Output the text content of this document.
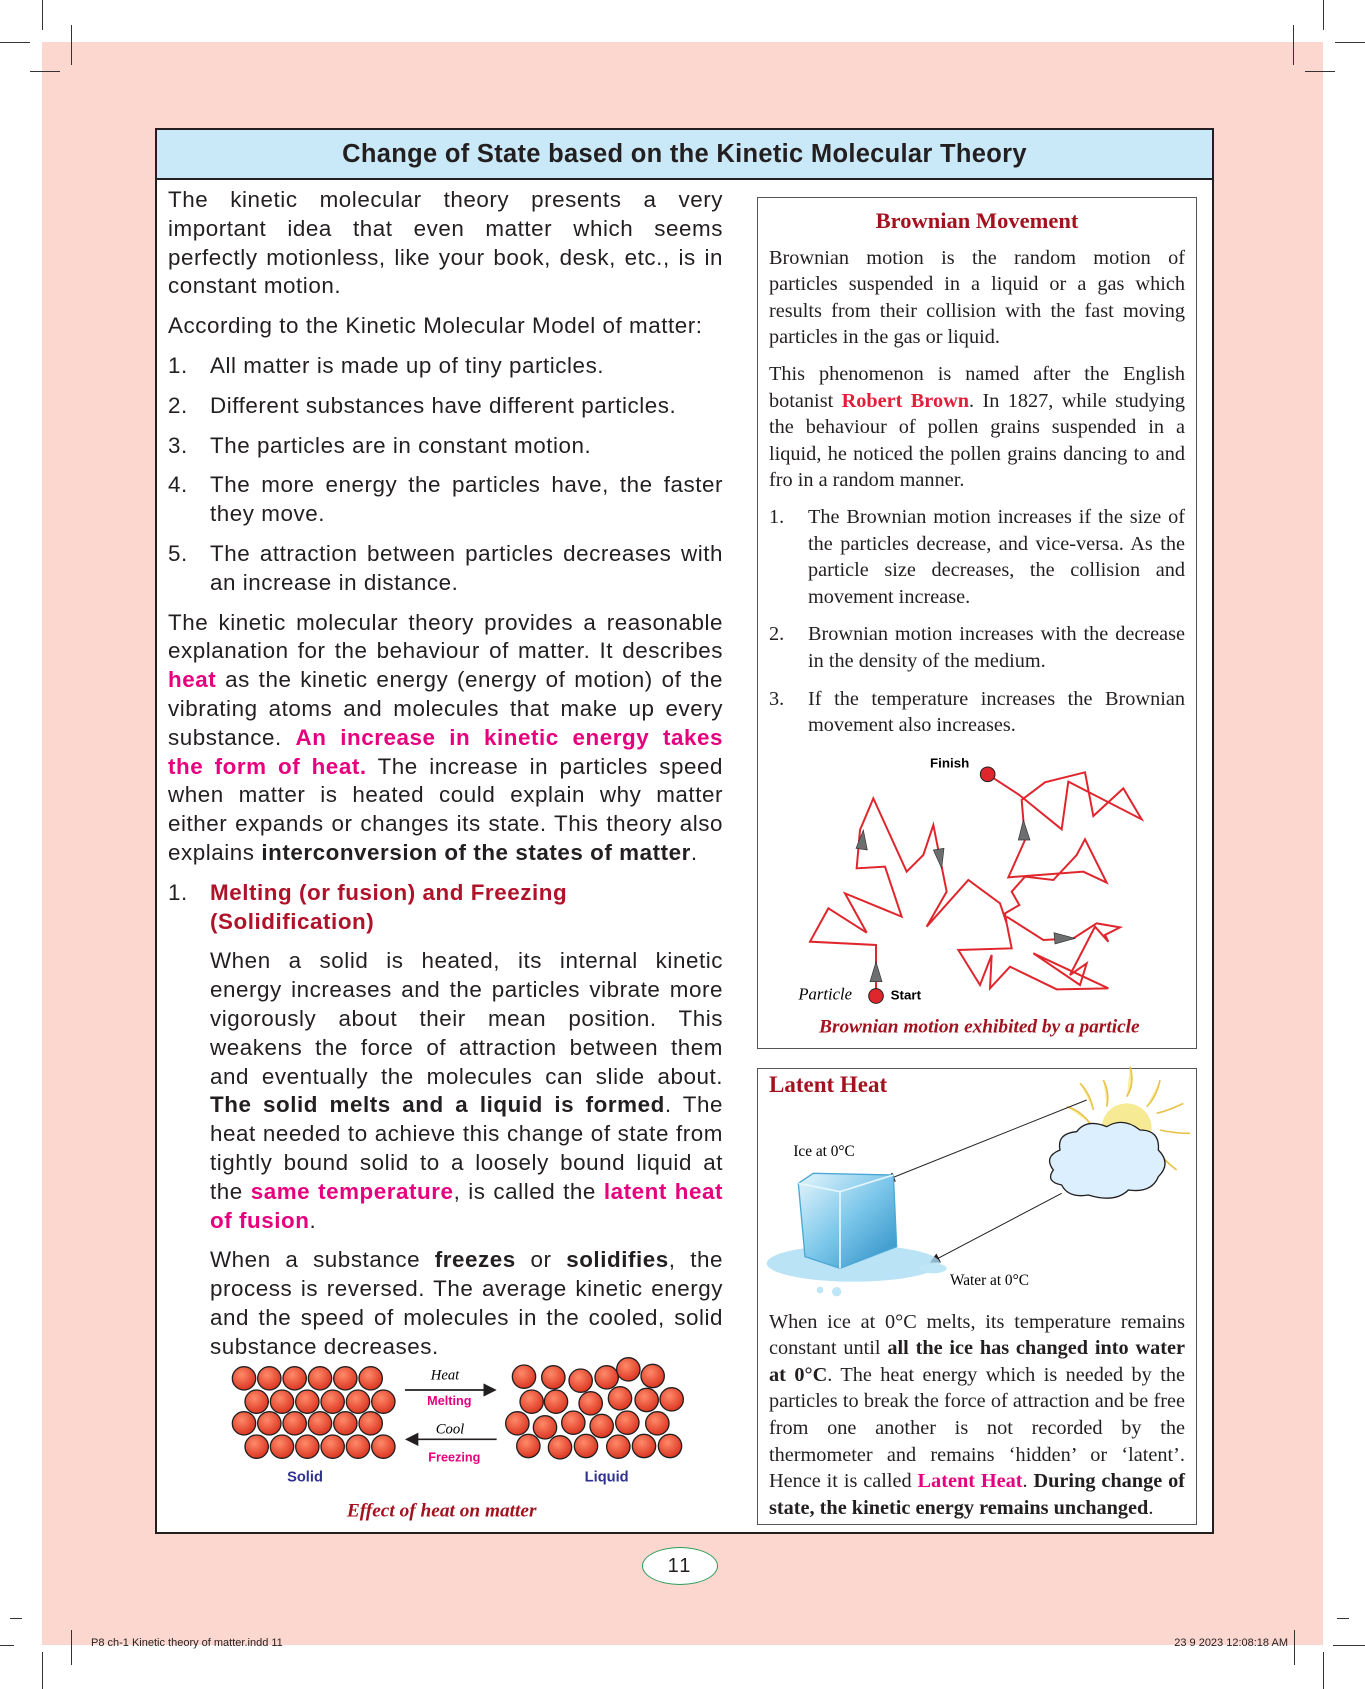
Change of State based on the Kinetic Molecular Theory

The kinetic molecular theory presents a very important idea that even matter which seems perfectly motionless, like your book, desk, etc., is in constant motion.

According to the Kinetic Molecular Model of matter:

1. All matter is made up of tiny particles.
2. Different substances have different particles.
3. The particles are in constant motion.
4. The more energy the particles have, the faster they move.
5. The attraction between particles decreases with an increase in distance.

The kinetic molecular theory provides a reasonable explanation for the behaviour of matter. It describes heat as the kinetic energy (energy of motion) of the vibrating atoms and molecules that make up every substance. An increase in kinetic energy takes the form of heat. The increase in particles speed when matter is heated could explain why matter either expands or changes its state. This theory also explains interconversion of the states of matter.

1. Melting (or fusion) and Freezing (Solidification)

When a solid is heated, its internal kinetic energy increases and the particles vibrate more vigorously about their mean position. This weakens the force of attraction between them and eventually the molecules can slide about. The solid melts and a liquid is formed. The heat needed to achieve this change of state from tightly bound solid to a loosely bound liquid at the same temperature, is called the latent heat of fusion.

When a substance freezes or solidifies, the process is reversed. The average kinetic energy and the speed of molecules in the cooled, solid substance decreases.

Heat
Melting
Cool
Freezing
Solid	Liquid
Effect of heat on matter
Brownian Movement

Brownian motion is the random motion of particles suspended in a liquid or a gas which results from their collision with the fast moving particles in the gas or liquid.

This phenomenon is named after the English botanist Robert Brown. In 1827, while studying the behaviour of pollen grains suspended in a liquid, he noticed the pollen grains dancing to and fro in a random manner.

1.	The Brownian motion increases if the size of the particles decrease, and vice-versa. As the particle size decreases, the collision and movement increase.
2.	Brownian motion increases with the decrease in the density of the medium.
3.	If the temperature increases the Brownian movement also increases.
Finish
Start
Particle
Brownian motion exhibited by a particle
Latent Heat

When ice at 0°C melts, its temperature remains constant until all the ice has changed into water at 0°C. The heat energy which is needed by the particles to break the force of attraction and be free from one another is not recorded by the thermometer and remains ‘hidden’ or ‘latent’. Hence it is called Latent Heat. During change of state, the kinetic energy remains unchanged.

Ice at 0°C
Water at 0°C
11
P8 ch-1 Kinetic theory of matter.indd 11	23 9 2023 12:08:18 AM
